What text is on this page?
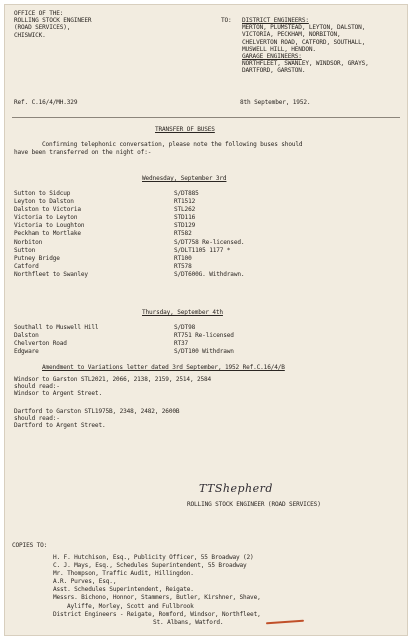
OFFICE OF THE:
ROLLING STOCK ENGINEER
(ROAD SERVICES),
CHISWICK.
TO: DISTRICT ENGINEERS:
MERTON, PLUMSTEAD, LEYTON, DALSTON,
VICTORIA, PECKHAM, NORBITON,
CHELVERTON ROAD, CATFORD, SOUTHALL,
MUSWELL HILL, HENDON.
GARAGE ENGINEERS:
NORTHFLEET, SWANLEY, WINDSOR, GRAYS,
DARTFORD, GARSTON.
Ref. C.16/4/MH.329	8th September, 1952.
TRANSFER OF BUSES
Confirming telephonic conversation, please note the following buses should
have been transferred on the night of:-
Wednesday, September 3rd
Sutton to Sidcup
Leyton to Dalston
Dalston to Victoria
Victoria to Leyton
Victoria to Loughton
Peckham to Mortlake
Norbiton
Sutton
Putney Bridge
Catford
Northfleet to Swanley
S/DT885
RT1512
STL262
STD116
STD129
RT582
S/DT758 Re-licensed.
S/DLT1105 1177 *
RT100
RT578
S/DT600G. Withdrawn.
Thursday, September 4th
Southall to Muswell Hill
Dalston
Chelverton Road
Edgware
S/DT98
RT751 Re-licensed
RT37
S/DT100 Withdrawn
Amendment to Variations letter dated 3rd September, 1952 Ref.C.16/4/B
Windsor to Garston STL2021, 2066, 2138, 2159, 2514, 2584
should read:-
Windsor to Argent Street.
Dartford to Garston STL1975B, 2348, 2482, 2600B
should read:-
Dartford to Argent Street.
TTShepherd
ROLLING STOCK ENGINEER (ROAD SERVICES)
COPIES TO:
H. F. Hutchison, Esq., Publicity Officer, 55 Broadway (2)
C. J. Mays, Esq., Schedules Superintendent, 55 Broadway
Mr. Thompson, Traffic Audit, Hillingdon.
A.R. Purves, Esq.,
Asst. Schedules Superintendent, Reigate.
Messrs. Bichono, Honnor, Stammers, Butler, Kirshner, Shave,
Ayliffe, Morley, Scott and Fullbrook
District Engineers - Reigate, Romford, Windsor, Northfleet,
St. Albans, Watford.
